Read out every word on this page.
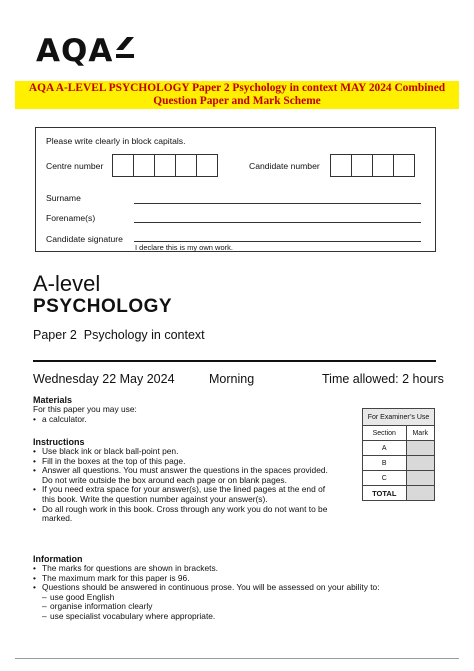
AQA
AQA A-LEVEL PSYCHOLOGY Paper 2 Psychology in context MAY 2024 Combined
Question Paper and Mark Scheme
Please write clearly in block capitals.
Centre number	Candidate number
Surname
Forename(s)
Candidate signature
I declare this is my own work.
A-level
PSYCHOLOGY
Paper 2 Psychology in context
Wednesday 22 May 2024	Morning	Time allowed: 2 hours
Materials
For this paper you may use:
• a calculator.
Instructions
• Use black ink or black ball-point pen.
• Fill in the boxes at the top of this page.
• Answer all questions. You must answer the questions in the spaces provided. Do not write outside the box around each page or on blank pages.
• If you need extra space for your answer(s), use the lined pages at the end of this book. Write the question number against your answer(s).
• Do all rough work in this book. Cross through any work you do not want to be marked.
Information
• The marks for questions are shown in brackets.
• The maximum mark for this paper is 96.
• Questions should be answered in continuous prose. You will be assessed on your ability to:
– use good English
– organise information clearly
– use specialist vocabulary where appropriate.
For Examiner’s Use	
Section	Mark
A	
B	
C	
TOTAL	
